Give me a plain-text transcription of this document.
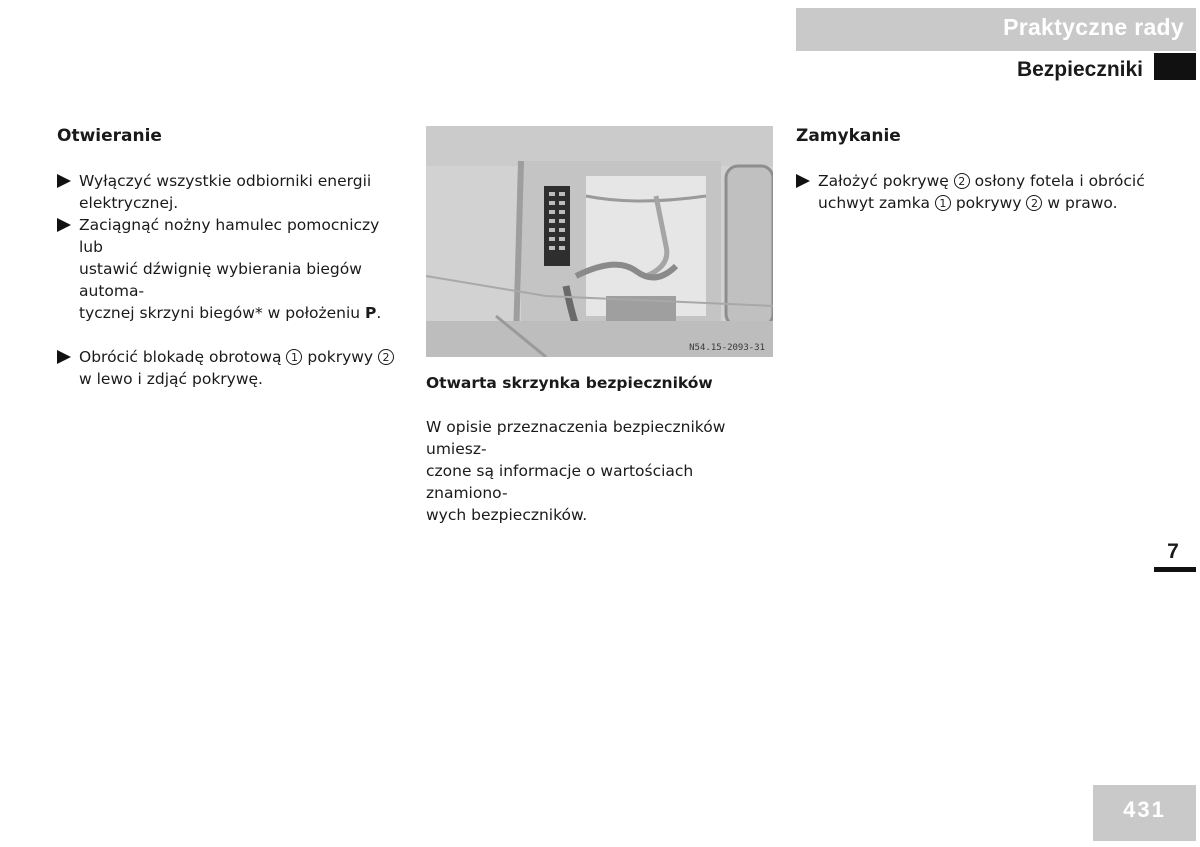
Praktyczne rady
Bezpieczniki
Otwieranie
Wyłączyć wszystkie odbiorniki energii elektrycznej.
Zaciągnąć nożny hamulec pomocniczy lub
ustawić dźwignię wybierania biegów automa-
tycznej skrzyni biegów* w położeniu P.
Obrócić blokadę obrotową 1 pokrywy 2
w lewo i zdjąć pokrywę.
N54.15-2093-31
Otwarta skrzynka bezpieczników
W opisie przeznaczenia bezpieczników umiesz-
czone są informacje o wartościach znamiono-
wych bezpieczników.
Zamykanie
Założyć pokrywę 2 osłony fotela i obrócić
uchwyt zamka 1 pokrywy 2 w prawo.
7
431
